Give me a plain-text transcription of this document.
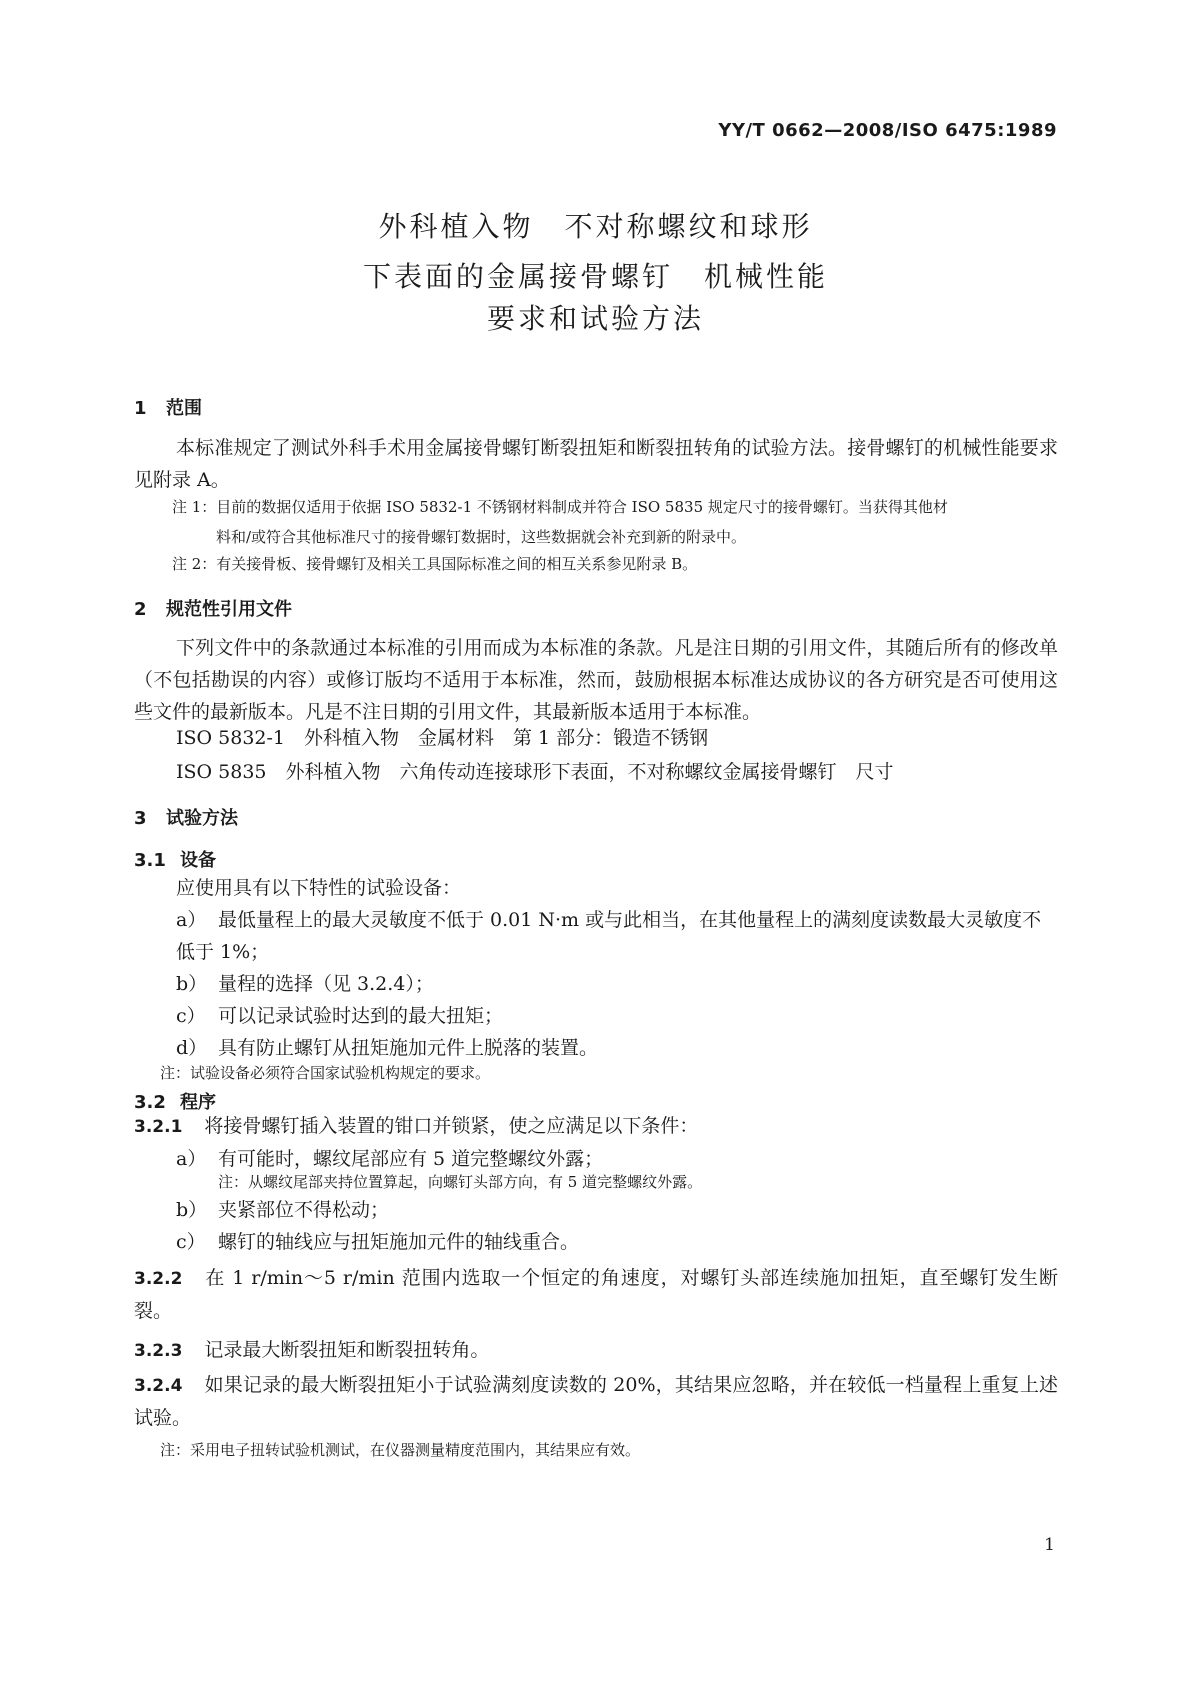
YY/T 0662—2008/ISO 6475:1989
外科植入物　不对称螺纹和球形
下表面的金属接骨螺钉　机械性能
要求和试验方法
1 范围
本标准规定了测试外科手术用金属接骨螺钉断裂扭矩和断裂扭转角的试验方法。接骨螺钉的机械性能要求见附录 A。
注 1：目前的数据仅适用于依据 ISO 5832-1 不锈钢材料制成并符合 ISO 5835 规定尺寸的接骨螺钉。当获得其他材
料和/或符合其他标准尺寸的接骨螺钉数据时，这些数据就会补充到新的附录中。
注 2：有关接骨板、接骨螺钉及相关工具国际标准之间的相互关系参见附录 B。
2 规范性引用文件
下列文件中的条款通过本标准的引用而成为本标准的条款。凡是注日期的引用文件，其随后所有的修改单（不包括勘误的内容）或修订版均不适用于本标准，然而，鼓励根据本标准达成协议的各方研究是否可使用这些文件的最新版本。凡是不注日期的引用文件，其最新版本适用于本标准。
ISO 5832-1　外科植入物　金属材料　第 1 部分：锻造不锈钢
ISO 5835　外科植入物　六角传动连接球形下表面，不对称螺纹金属接骨螺钉　尺寸
3 试验方法
3.1 设备
应使用具有以下特性的试验设备：
a） 最低量程上的最大灵敏度不低于 0.01 N·m 或与此相当，在其他量程上的满刻度读数最大灵敏度不低于 1%；
b） 量程的选择（见 3.2.4）；
c） 可以记录试验时达到的最大扭矩；
d） 具有防止螺钉从扭矩施加元件上脱落的装置。
注：试验设备必须符合国家试验机构规定的要求。
3.2 程序
3.2.1 将接骨螺钉插入装置的钳口并锁紧，使之应满足以下条件：
a） 有可能时，螺纹尾部应有 5 道完整螺纹外露；
注：从螺纹尾部夹持位置算起，向螺钉头部方向，有 5 道完整螺纹外露。
b） 夹紧部位不得松动；
c） 螺钉的轴线应与扭矩施加元件的轴线重合。
3.2.2 在 1 r/min～5 r/min 范围内选取一个恒定的角速度，对螺钉头部连续施加扭矩，直至螺钉发生断裂。
3.2.3 记录最大断裂扭矩和断裂扭转角。
3.2.4 如果记录的最大断裂扭矩小于试验满刻度读数的 20%，其结果应忽略，并在较低一档量程上重复上述试验。
注：采用电子扭转试验机测试，在仪器测量精度范围内，其结果应有效。
1
